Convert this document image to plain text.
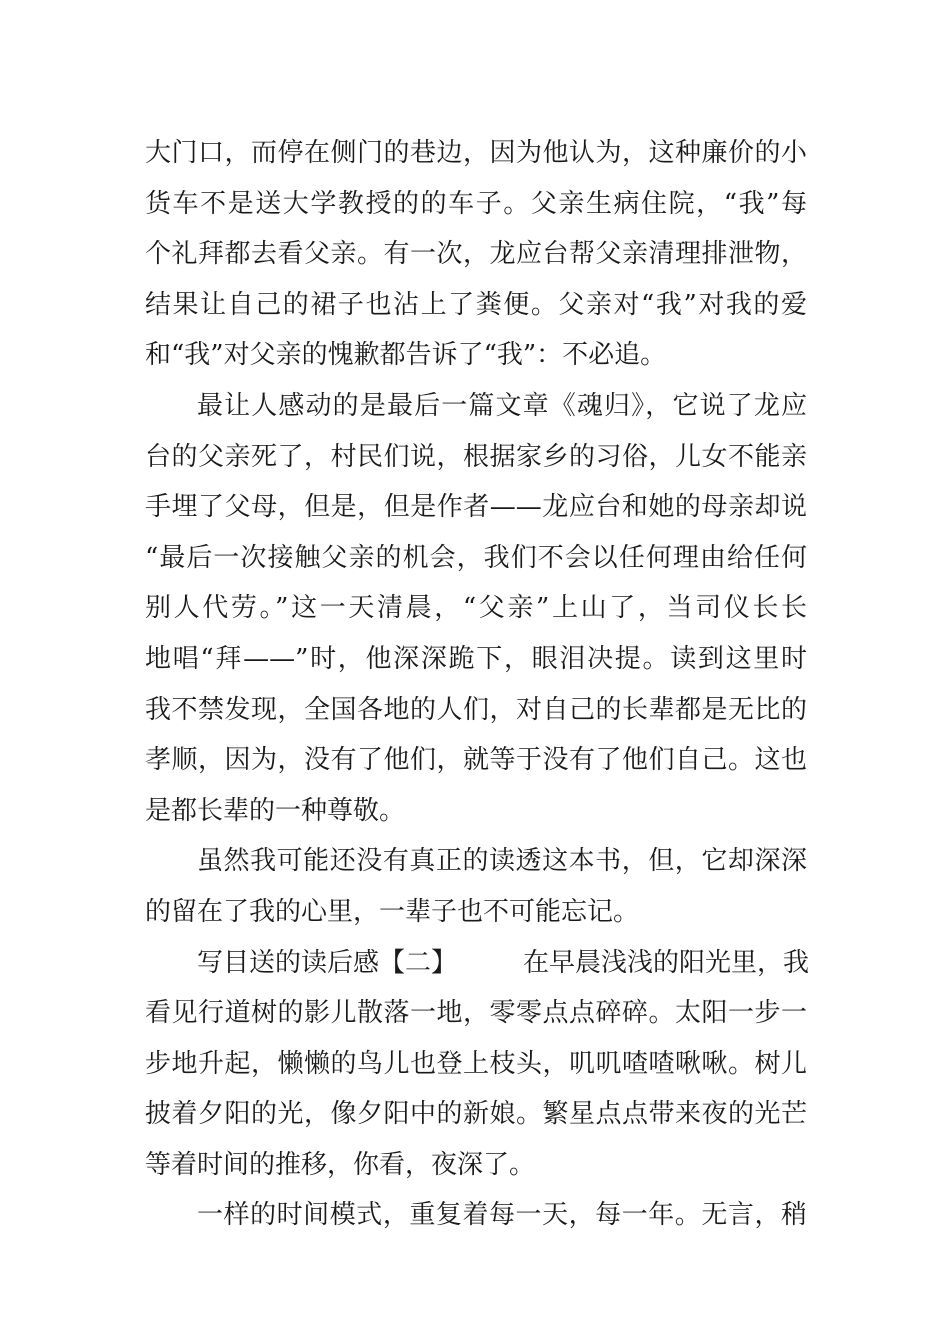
大门口，而停在侧门的巷边，因为他认为，这种廉价的小
货车不是送大学教授的的车子。父亲生病住院，“我”每
个礼拜都去看父亲。有一次，龙应台帮父亲清理排泄物，
结果让自己的裙子也沾上了粪便。父亲对“我”对我的爱
和“我”对父亲的愧歉都告诉了“我”：不必追。
最让人感动的是最后一篇文章《魂归》，它说了龙应
台的父亲死了，村民们说，根据家乡的习俗，儿女不能亲
手埋了父母，但是，但是作者——龙应台和她的母亲却说
“最后一次接触父亲的机会，我们不会以任何理由给任何
别人代劳。”这一天清晨，“父亲”上山了，当司仪长长
地唱“拜——”时，他深深跪下，眼泪决提。读到这里时
我不禁发现，全国各地的人们，对自己的长辈都是无比的
孝顺，因为，没有了他们，就等于没有了他们自己。这也
是都长辈的一种尊敬。
虽然我可能还没有真正的读透这本书，但，它却深深
的留在了我的心里，一辈子也不可能忘记。
写目送的读后感【二】	在早晨浅浅的阳光里，我
看见行道树的影儿散落一地，零零点点碎碎。太阳一步一
步地升起，懒懒的鸟儿也登上枝头，叽叽喳喳啾啾。树儿
披着夕阳的光，像夕阳中的新娘。繁星点点带来夜的光芒
等着时间的推移，你看，夜深了。
一样的时间模式，重复着每一天，每一年。无言，稍
